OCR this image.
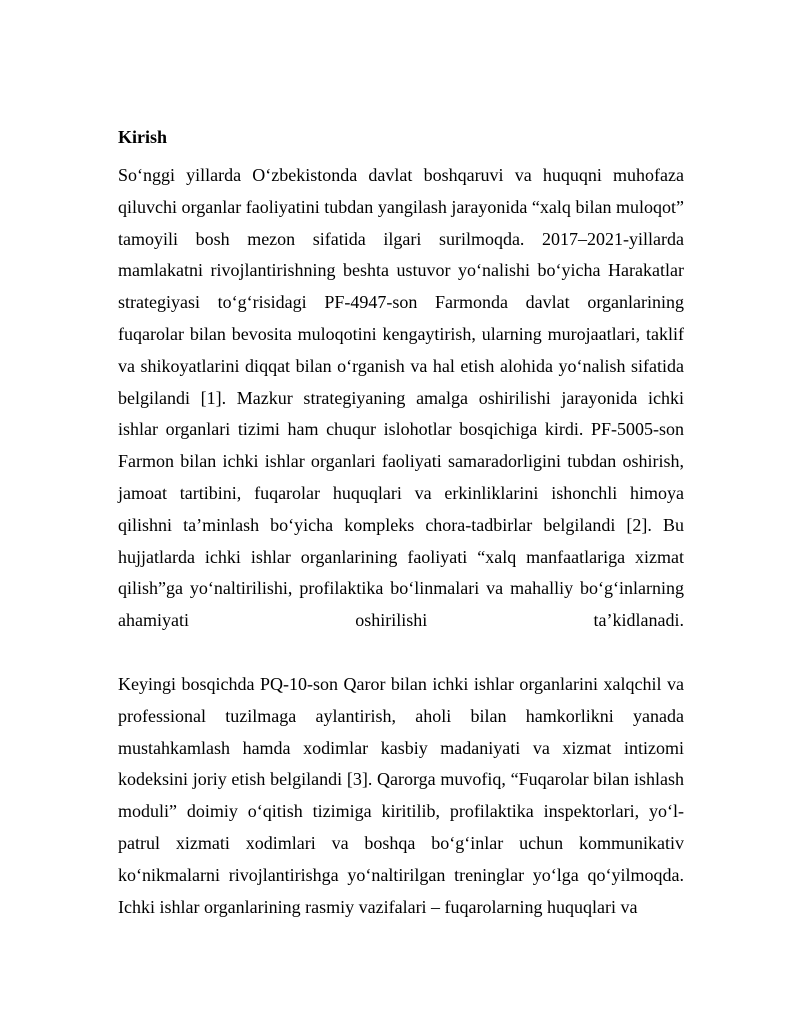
Kirish

So‘nggi yillarda O‘zbekistonda davlat boshqaruvi va huquqni muhofaza qiluvchi organlar faoliyatini tubdan yangilash jarayonida “xalq bilan muloqot” tamoyili bosh mezon sifatida ilgari surilmoqda. 2017–2021-yillarda mamlakatni rivojlantirishning beshta ustuvor yo‘nalishi bo‘yicha Harakatlar strategiyasi to‘g‘risidagi PF-4947-son Farmonda davlat organlarining fuqarolar bilan bevosita muloqotini kengaytirish, ularning murojaatlari, taklif va shikoyatlarini diqqat bilan o‘rganish va hal etish alohida yo‘nalish sifatida belgilandi [1]. Mazkur strategiyaning amalga oshirilishi jarayonida ichki ishlar organlari tizimi ham chuqur islohotlar bosqichiga kirdi. PF-5005-son Farmon bilan ichki ishlar organlari faoliyati samaradorligini tubdan oshirish, jamoat tartibini, fuqarolar huquqlari va erkinliklarini ishonchli himoya qilishni ta’minlash bo‘yicha kompleks chora-tadbirlar belgilandi [2]. Bu hujjatlarda ichki ishlar organlarining faoliyati “xalq manfaatlariga xizmat qilish”ga yo‘naltirilishi, profilaktika bo‘linmalari va mahalliy bo‘g‘inlarning ahamiyati oshirilishi ta’kidlanadi.

Keyingi bosqichda PQ-10-son Qaror bilan ichki ishlar organlarini xalqchil va professional tuzilmaga aylantirish, aholi bilan hamkorlikni yanada mustahkamlash hamda xodimlar kasbiy madaniyati va xizmat intizomi kodeksini joriy etish belgilandi [3]. Qarorga muvofiq, “Fuqarolar bilan ishlash moduli” doimiy o‘qitish tizimiga kiritilib, profilaktika inspektorlari, yo‘l-patrul xizmati xodimlari va boshqa bo‘g‘inlar uchun kommunikativ ko‘nikmalarni rivojlantirishga yo‘naltirilgan treninglar yo‘lga qo‘yilmoqda. Ichki ishlar organlarining rasmiy vazifalari – fuqarolarning huquqlari va
